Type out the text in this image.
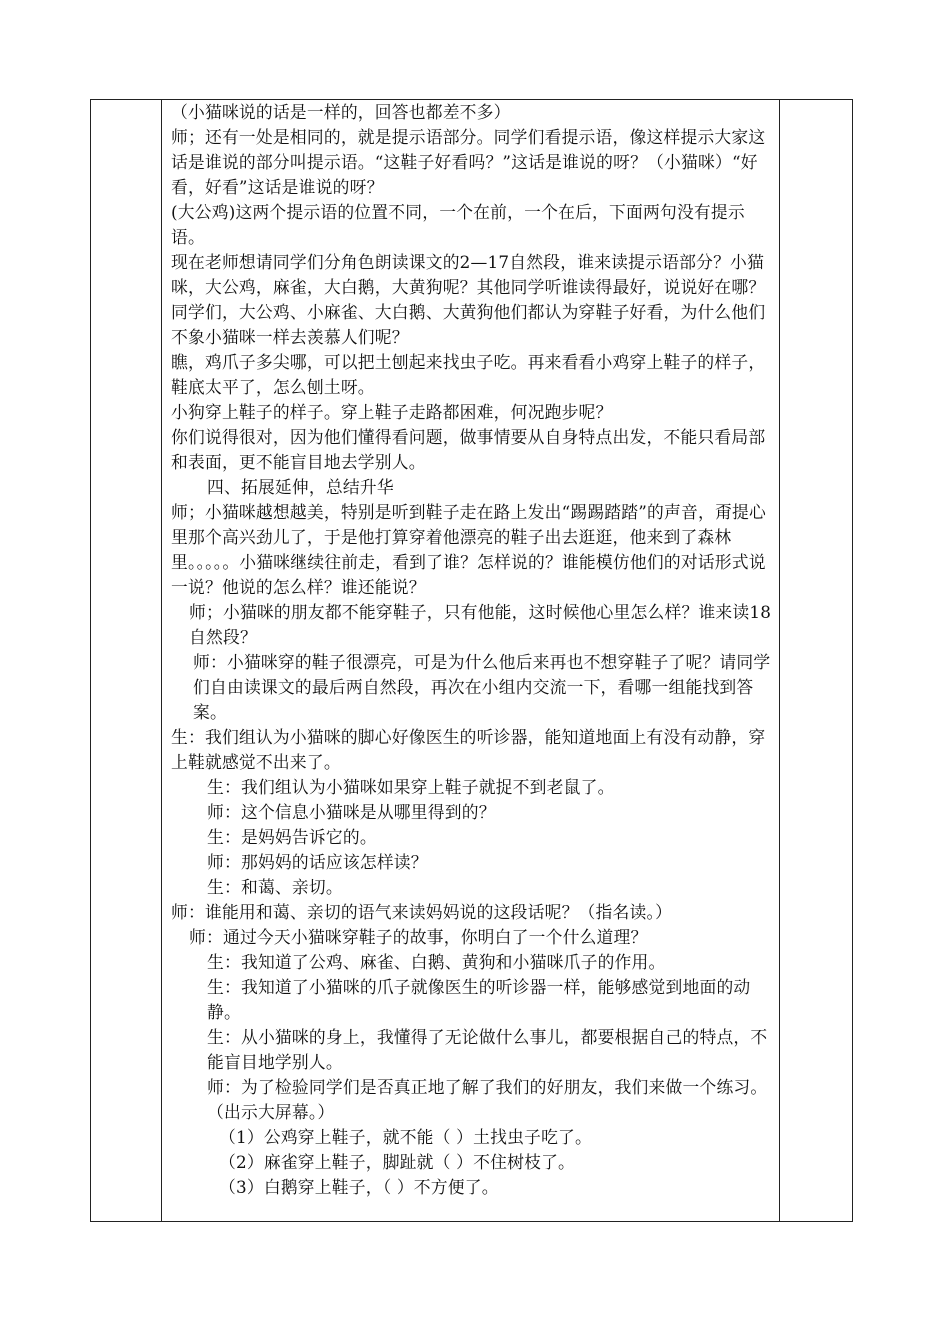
（小猫咪说的话是一样的，回答也都差不多）

师；还有一处是相同的，就是提示语部分。同学们看提示语，像这样提示大家这话是谁说的部分叫提示语。“这鞋子好看吗？”这话是谁说的呀？（小猫咪）“好看，好看”这话是谁说的呀？

(大公鸡)这两个提示语的位置不同，一个在前，一个在后，下面两句没有提示语。

现在老师想请同学们分角色朗读课文的2—17自然段，谁来读提示语部分？小猫咪，大公鸡，麻雀，大白鹅，大黄狗呢？其他同学听谁读得最好，说说好在哪？

同学们，大公鸡、小麻雀、大白鹅、大黄狗他们都认为穿鞋子好看，为什么他们不象小猫咪一样去羡慕人们呢？

瞧，鸡爪子多尖哪，可以把土刨起来找虫子吃。再来看看小鸡穿上鞋子的样子，鞋底太平了，怎么刨土呀。

小狗穿上鞋子的样子。穿上鞋子走路都困难，何况跑步呢？

你们说得很对，因为他们懂得看问题，做事情要从自身特点出发，不能只看局部和表面，更不能盲目地去学别人。

四、拓展延伸，总结升华

师；小猫咪越想越美，特别是听到鞋子走在路上发出“踢踢踏踏”的声音，甭提心里那个高兴劲儿了，于是他打算穿着他漂亮的鞋子出去逛逛，他来到了森林里。。。。。小猫咪继续往前走，看到了谁？怎样说的？谁能模仿他们的对话形式说一说？他说的怎么样？谁还能说？

师；小猫咪的朋友都不能穿鞋子，只有他能，这时候他心里怎么样？谁来读18自然段？

师：小猫咪穿的鞋子很漂亮，可是为什么他后来再也不想穿鞋子了呢？请同学们自由读课文的最后两自然段，再次在小组内交流一下，看哪一组能找到答案。

生：我们组认为小猫咪的脚心好像医生的听诊器，能知道地面上有没有动静，穿上鞋就感觉不出来了。

生：我们组认为小猫咪如果穿上鞋子就捉不到老鼠了。

师：这个信息小猫咪是从哪里得到的？

生：是妈妈告诉它的。

师：那妈妈的话应该怎样读？

生：和蔼、亲切。

师：谁能用和蔼、亲切的语气来读妈妈说的这段话呢？（指名读。）

师：通过今天小猫咪穿鞋子的故事，你明白了一个什么道理？

生：我知道了公鸡、麻雀、白鹅、黄狗和小猫咪爪子的作用。

生：我知道了小猫咪的爪子就像医生的听诊器一样，能够感觉到地面的动静。

生：从小猫咪的身上，我懂得了无论做什么事儿，都要根据自己的特点，不能盲目地学别人。

师：为了检验同学们是否真正地了解了我们的好朋友，我们来做一个练习。（出示大屏幕。）

（1）公鸡穿上鞋子，就不能（ ）土找虫子吃了。

（2）麻雀穿上鞋子，脚趾就（ ）不住树枝了。

（3）白鹅穿上鞋子，（ ）不方便了。
